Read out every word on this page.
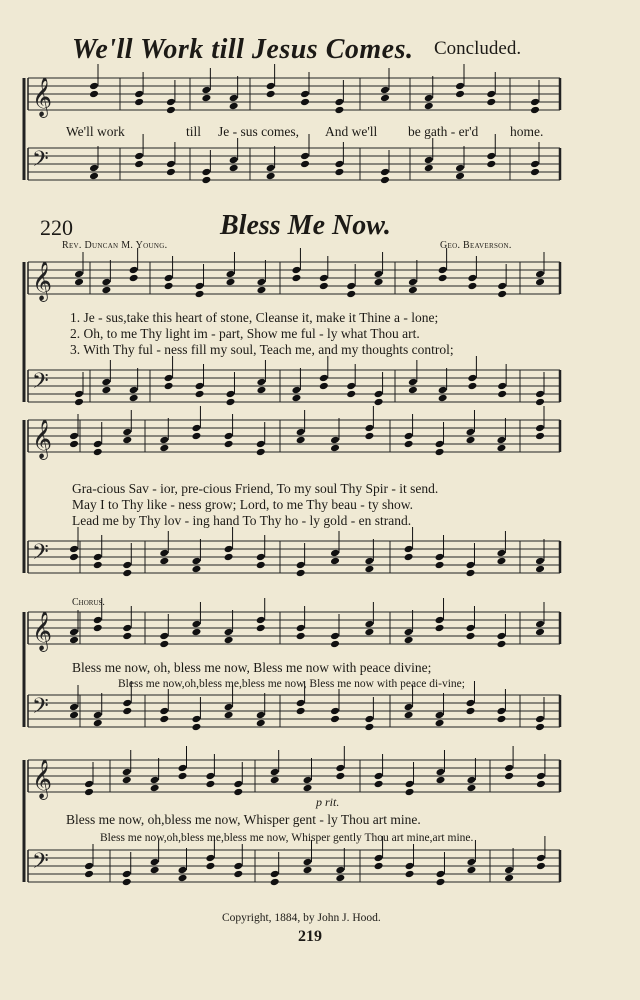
We'll Work till Jesus Comes. Concluded.
We'll work	till Je - sus comes, And we'll be gath - er'd home.
220	Bless Me Now.
Rev. Duncan M. Young.	Geo. Beaverson.
1. Je - sus,take this heart of stone, Cleanse it, make it Thine a - lone;
2. Oh, to me Thy light im - part, Show me ful - ly what Thou art.
3. With Thy ful - ness fill my soul, Teach me, and my thoughts control;
Gra-cious Sav - ior, pre-cious Friend, To my soul Thy Spir - it send.
May I to Thy like - ness grow; Lord, to me Thy beau - ty show.
Lead me by Thy lov - ing hand To Thy ho - ly gold - en strand.
Chorus.
Bless me now, oh, bless me now, Bless me now with peace divine;
Bless me now,oh,bless me,bless me now, Bless me now with peace di-vine;
Bless me now, oh,bless me now, Whisper gent - ly Thou art mine.
Bless me now,oh,bless me,bless me now, Whisper gently Thou art mine,art mine.
p rit.
Copyright, 1884, by John J. Hood.
219
𝄞
𝄢
𝄞
𝄢
𝄞
𝄢
𝄞
𝄢
𝄞
𝄢
